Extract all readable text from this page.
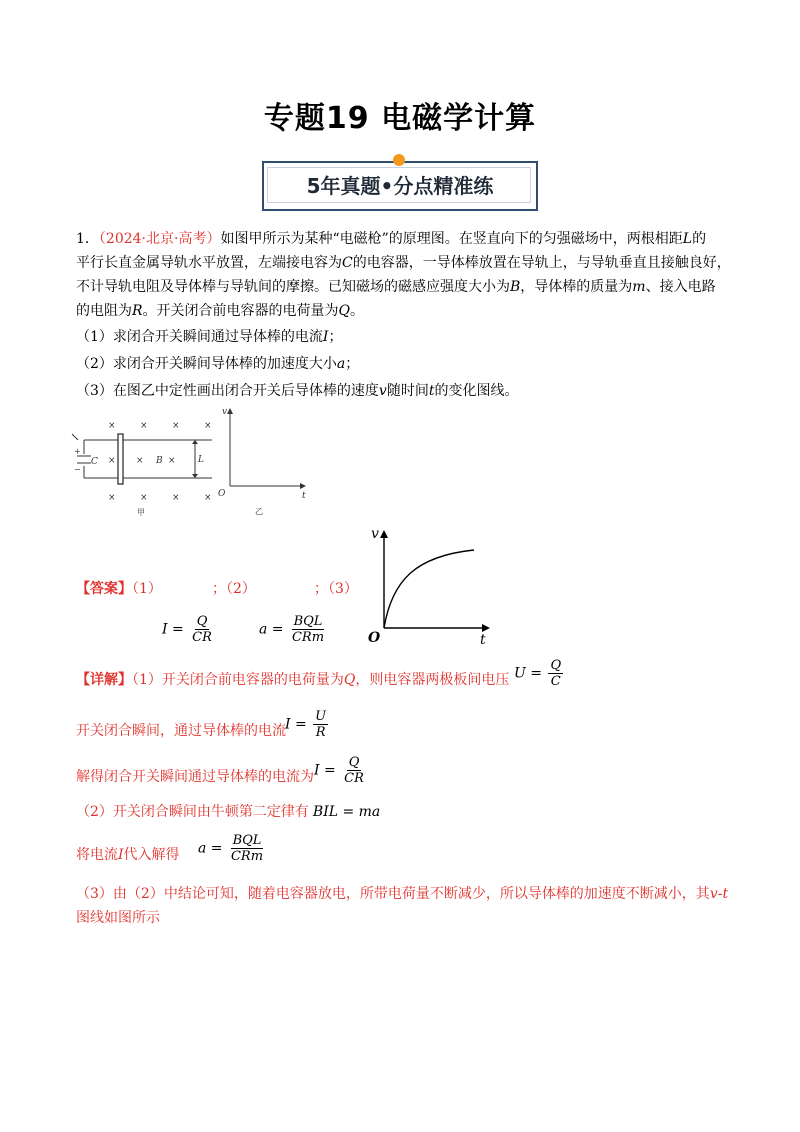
专题19 电磁学计算
5年真题•分点精准练
1．（2024·北京·高考）如图甲所示为某种“电磁枪”的原理图。在竖直向下的匀强磁场中，两根相距L的
平行长直金属导轨水平放置，左端接电容为C的电容器，一导体棒放置在导轨上，与导轨垂直且接触良好，
不计导轨电阻及导体棒与导轨间的摩擦。已知磁场的磁感应强度大小为B，导体棒的质量为m、接入电路
的电阻为R。开关闭合前电容器的电荷量为Q。
（1）求闭合开关瞬间通过导体棒的电流I；
（2）求闭合开关瞬间导体棒的加速度大小a；
（3）在图乙中定性画出闭合开关后导体棒的速度v随时间t的变化图线。
×	×	×	×
× ×	×
×	×	×	×
C	B	L
v
t
O
+
−
甲	乙
【答案】（1）	；（2）	；（3）
$I = \frac{Q}{CR}$	$a = \frac{\text{BQL}}{\text{CRm}}$
v
t
O
【详解】（1）开关闭合前电容器的电荷量为Q，则电容器两极板间电压 $U = \frac{Q}{C}$
开关闭合瞬间，通过导体棒的电流 $I = \frac{U}{R}$
解得闭合开关瞬间通过导体棒的电流为 $I = \frac{Q}{CR}$
（2）开关闭合瞬间由牛顿第二定律有 BIL = ma
将电流I代入解得	$a = \frac{\text{BQL}}{\text{CRm}}$
（3）由（2）中结论可知，随着电容器放电，所带电荷量不断减少，所以导体棒的加速度不断减小，其v-t
图线如图所示
